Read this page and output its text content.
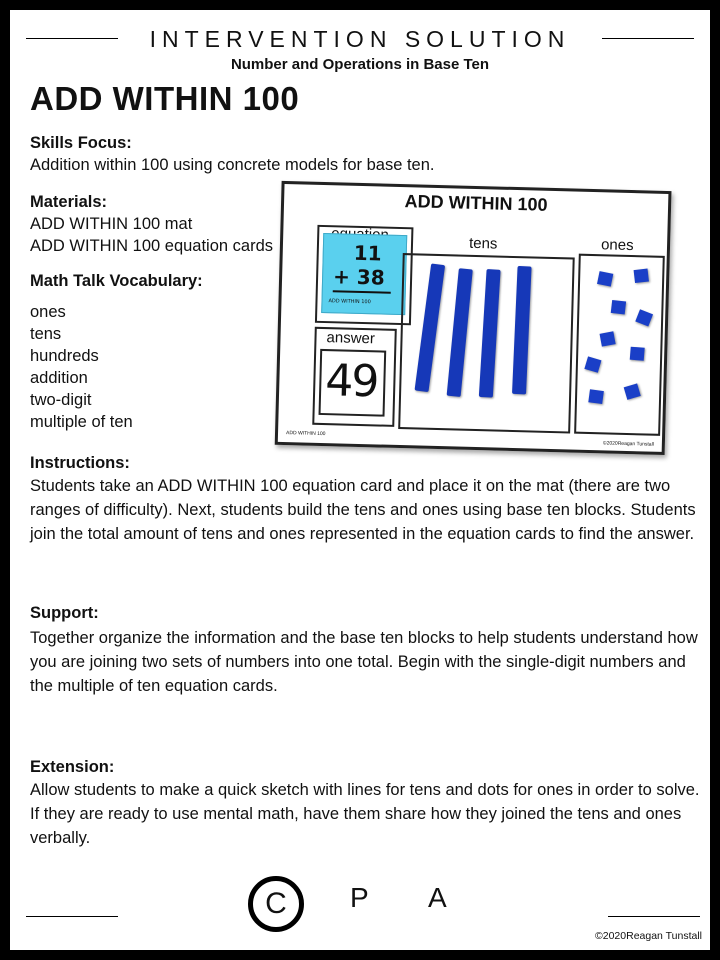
INTERVENTION SOLUTION
Number and Operations in Base Ten
ADD WITHIN 100
Skills Focus:
Addition within 100 using concrete models for base ten.
Materials:
ADD WITHIN 100 mat
ADD WITHIN 100 equation cards
Math Talk Vocabulary:
ones
tens
hundreds
addition
two-digit
multiple of ten
ADD WITHIN 100
11
+ 38
ADD WITHIN 100
answer
49
tens	ones
ADD WITHIN 100
©2020Reagan Tunstall
Instructions:
Students take an ADD WITHIN 100 equation card and place it on the mat (there are two ranges of difficulty). Next, students build the tens and ones using base ten blocks. Students join the total amount of tens and ones represented in the equation cards to find the answer.
Support:
Together organize the information and the base ten blocks to help students understand how you are joining two sets of numbers into one total. Begin with the single-digit numbers and the multiple of ten equation cards.
Extension:
Allow students to make a quick sketch with lines for tens and dots for ones in order to solve. If they are ready to use mental math, have them share how they joined the tens and ones verbally.
C	P A
©2020Reagan Tunstall
